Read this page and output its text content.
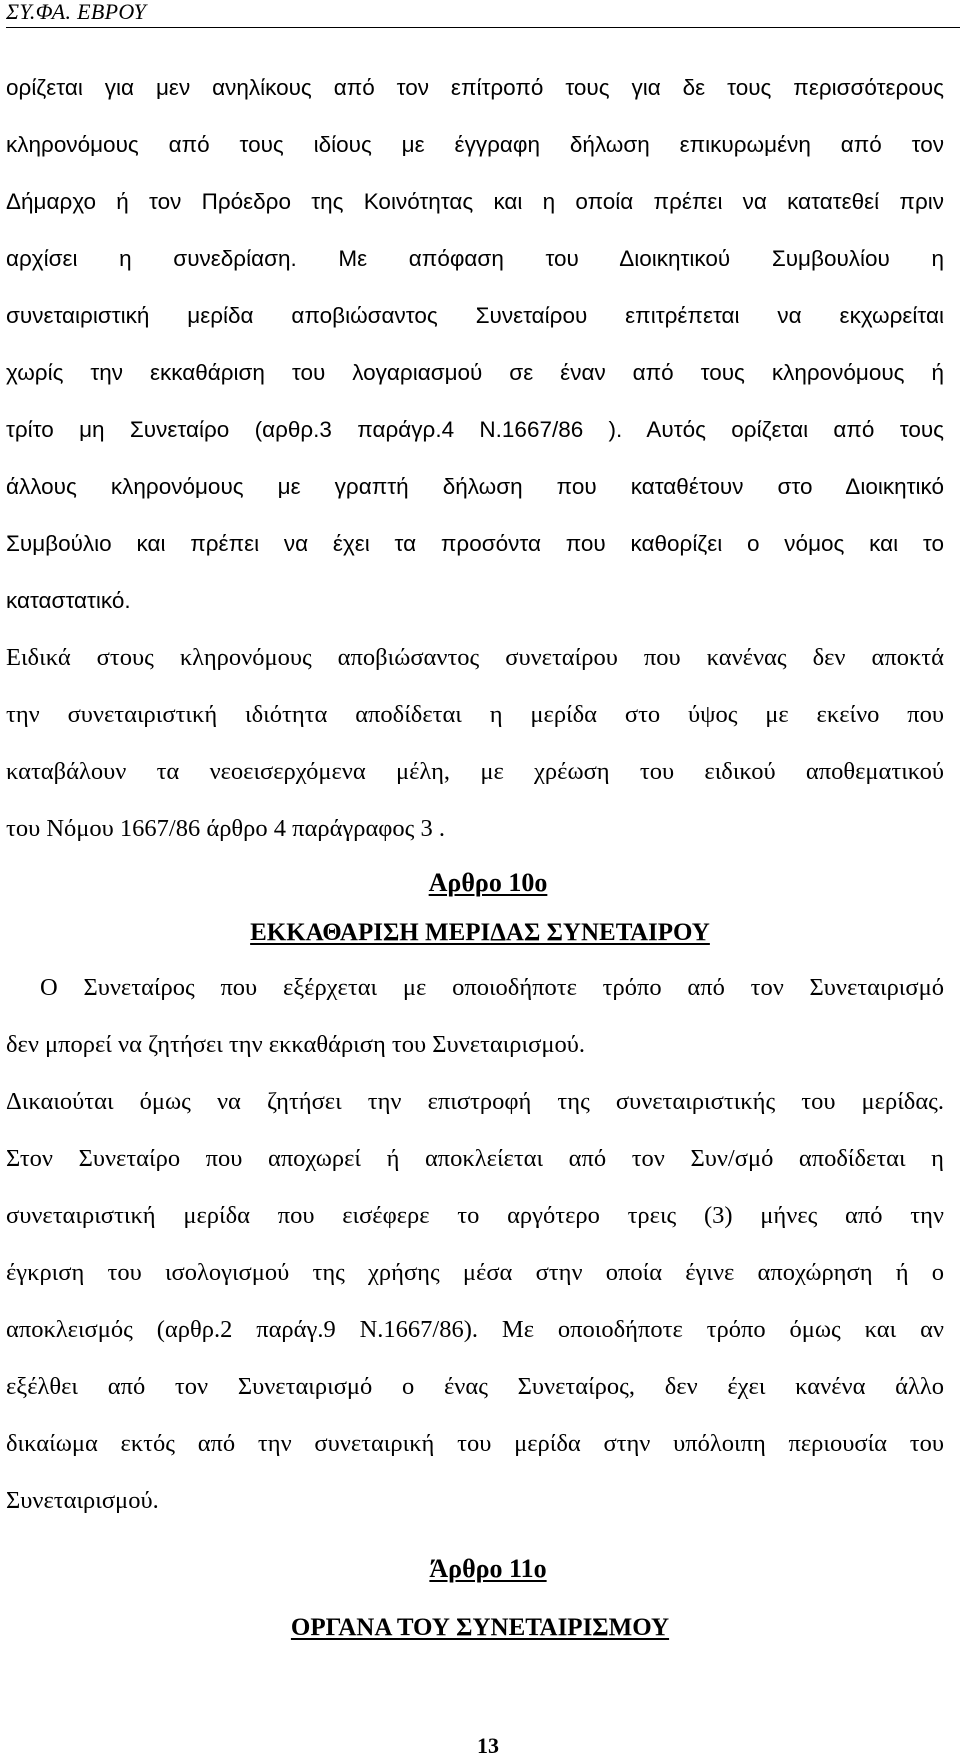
ΣΥ.ΦΑ. ΕΒΡΟΥ
ορίζεται για μεν ανηλίκους από τον επίτροπό τους για δε τους περισσότερους
κληρονόμους από τους ιδίους με έγγραφη δήλωση επικυρωμένη από τον
Δήμαρχο ή τον Πρόεδρο της Κοινότητας και η οποία πρέπει να κατατεθεί πριν
αρχίσει η συνεδρίαση. Με απόφαση του Διοικητικού Συμβουλίου η
συνεταιριστική μερίδα αποβιώσαντος Συνεταίρου επιτρέπεται να εκχωρείται
χωρίς την εκκαθάριση του λογαριασμού σε έναν από τους κληρονόμους ή
τρίτο μη Συνεταίρο (αρθρ.3 παράγρ.4 Ν.1667/86 ). Αυτός ορίζεται από τους
άλλους κληρονόμους με γραπτή δήλωση που καταθέτουν στο Διοικητικό
Συμβούλιο και πρέπει να έχει τα προσόντα που καθορίζει ο νόμος και το
καταστατικό.
Ειδικά στους κληρονόμους αποβιώσαντος συνεταίρου που κανένας δεν αποκτά
την συνεταιριστική ιδιότητα αποδίδεται η μερίδα στο ύψος με εκείνο που
καταβάλουν τα νεοεισερχόμενα μέλη, με χρέωση του ειδικού αποθεματικού
του Νόμου 1667/86 άρθρο 4 παράγραφος 3 .
Αρθρο 10ο
ΕΚΚΑΘΑΡΙΣΗ ΜΕΡΙΔΑΣ ΣΥΝΕΤΑΙΡΟΥ
Ο Συνεταίρος που εξέρχεται με οποιοδήποτε τρόπο από τον Συνεταιρισμό
δεν μπορεί να ζητήσει την εκκαθάριση του Συνεταιρισμού.
Δικαιούται όμως να ζητήσει την επιστροφή της συνεταιριστικής του μερίδας.
Στον Συνεταίρο που αποχωρεί ή αποκλείεται από τον Συν/σμό αποδίδεται η
συνεταιριστική μερίδα που εισέφερε το αργότερο τρεις (3) μήνες από την
έγκριση του ισολογισμού της χρήσης μέσα στην οποία έγινε αποχώρηση ή ο
αποκλεισμός (αρθρ.2 παράγ.9 Ν.1667/86). Με οποιοδήποτε τρόπο όμως και αν
εξέλθει από τον Συνεταιρισμό ο ένας Συνεταίρος, δεν έχει κανένα άλλο
δικαίωμα εκτός από την συνεταιρική του μερίδα στην υπόλοιπη περιουσία του
Συνεταιρισμού.
Άρθρο 11ο
ΟΡΓΑΝΑ ΤΟΥ ΣΥΝΕΤΑΙΡΙΣΜΟΥ
13
